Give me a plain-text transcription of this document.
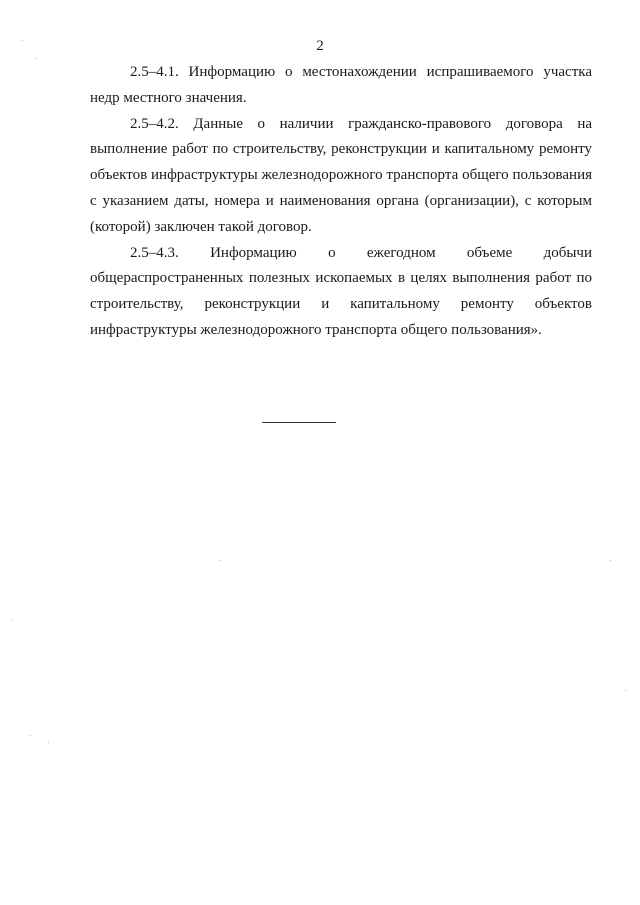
2

2.5–4.1. Информацию о местонахождении испрашиваемого участка недр местного значения.

2.5–4.2. Данные о наличии гражданско-правового договора на выполнение работ по строительству, реконструкции и капитальному ремонту объектов инфраструктуры железнодорожного транспорта общего пользования с указанием даты, номера и наименования органа (организации), с которым (которой) заключен такой договор.

2.5–4.3. Информацию о ежегодном объеме добычи общераспространенных полезных ископаемых в целях выполнения работ по строительству, реконструкции и капитальному ремонту объектов инфраструктуры железнодорожного транспорта общего пользования».
